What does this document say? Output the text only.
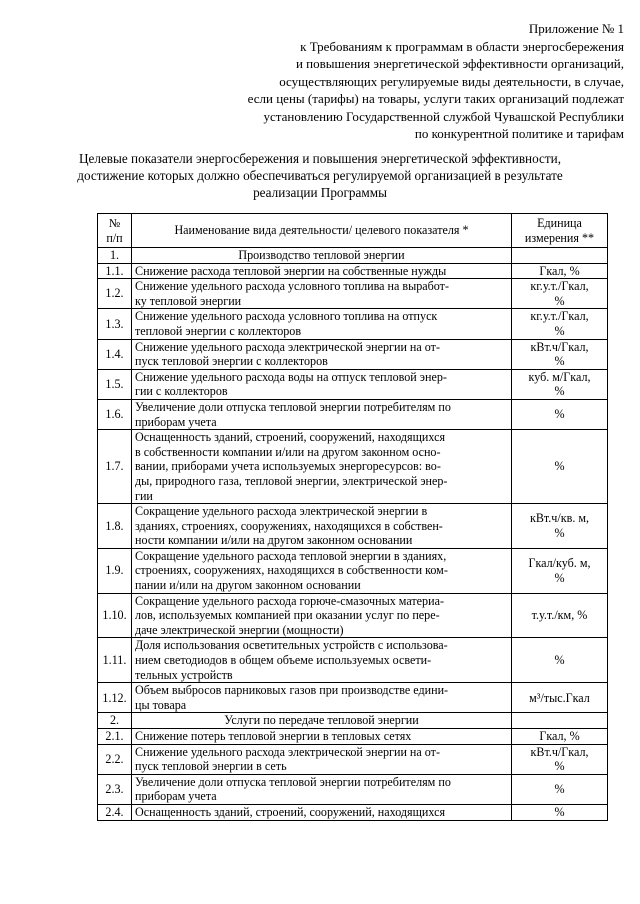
Приложение № 1
к Требованиям к программам в области энергосбережения
и повышения энергетической эффективности организаций,
осуществляющих регулируемые виды деятельности, в случае,
если цены (тарифы) на товары, услуги таких организаций подлежат
установлению Государственной службой Чувашской Республики
по конкурентной политике и тарифам
Целевые показатели энергосбережения и повышения энергетической эффективности,
достижение которых должно обеспечиваться регулируемой организацией в результате
реализации Программы
№
п/п	Наименование вида деятельности/ целевого показателя *	Единица
измерения **
1.	Производство тепловой энергии	
1.1.	Снижение расхода тепловой энергии на собственные нужды	Гкал, %
1.2.	Снижение удельного расхода условного топлива на выработ-
ку тепловой энергии	кг.у.т./Гкал,
%
1.3.	Снижение удельного расхода условного топлива на отпуск
тепловой энергии с коллекторов	кг.у.т./Гкал,
%
1.4.	Снижение удельного расхода электрической энергии на от-
пуск тепловой энергии с коллекторов	кВт.ч/Гкал,
%
1.5.	Снижение удельного расхода воды на отпуск тепловой энер-
гии с коллекторов	куб. м/Гкал,
%
1.6.	Увеличение доли отпуска тепловой энергии потребителям по
приборам учета	%
1.7.	Оснащенность зданий, строений, сооружений, находящихся
в собственности компании и/или на другом законном осно-
вании, приборами учета используемых энергоресурсов: во-
ды, природного газа, тепловой энергии, электрической энер-
гии	%
1.8.	Сокращение удельного расхода электрической энергии в
зданиях, строениях, сооружениях, находящихся в собствен-
ности компании и/или на другом законном основании	кВт.ч/кв. м,
%
1.9.	Сокращение удельного расхода тепловой энергии в зданиях,
строениях, сооружениях, находящихся в собственности ком-
пании и/или на другом законном основании	Гкал/куб. м,
%
1.10.	Сокращение удельного расхода горюче-смазочных материа-
лов, используемых компанией при оказании услуг по пере-
даче электрической энергии (мощности)	т.у.т./км, %
1.11.	Доля использования осветительных устройств с использова-
нием светодиодов в общем объеме используемых освети-
тельных устройств	%
1.12.	Объем выбросов парниковых газов при производстве едини-
цы товара	м³/тыс.Гкал
2.	Услуги по передаче тепловой энергии	
2.1.	Снижение потерь тепловой энергии в тепловых сетях	Гкал, %
2.2.	Снижение удельного расхода электрической энергии на от-
пуск тепловой энергии в сеть	кВт.ч/Гкал,
%
2.3.	Увеличение доли отпуска тепловой энергии потребителям по
приборам учета	%
2.4.	Оснащенность зданий, строений, сооружений, находящихся	%
